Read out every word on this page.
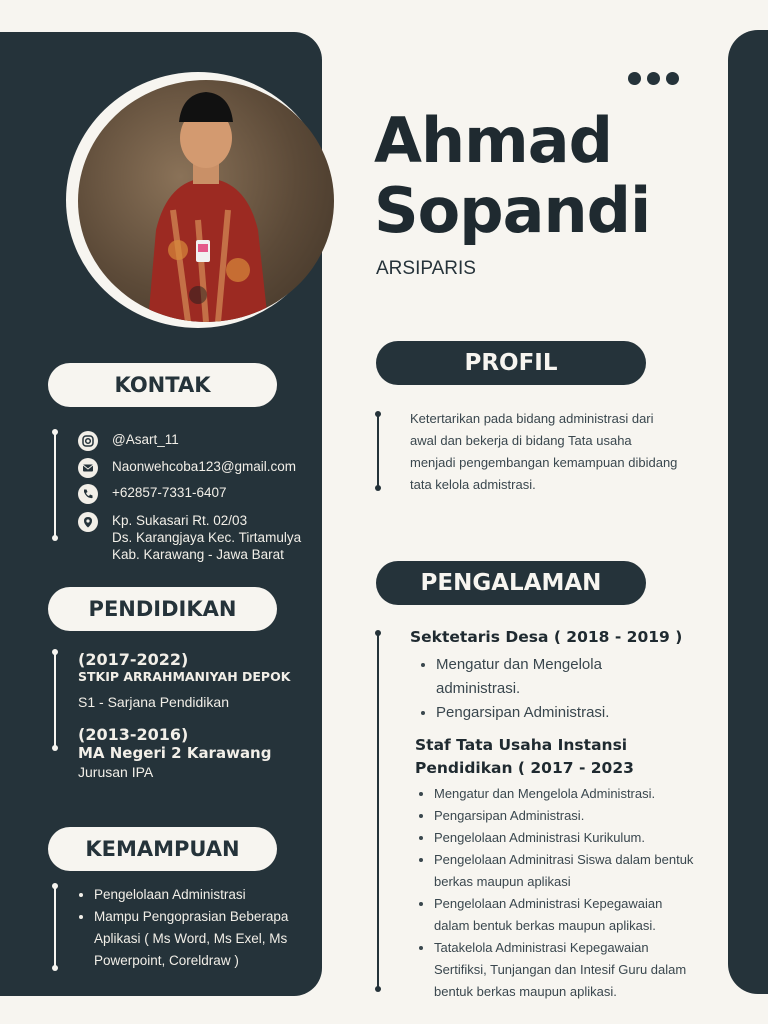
Ahmad
Sopandi
ARSIPARIS
KONTAK
@Asart_11
Naonwehcoba123@gmail.com
+62857-7331-6407
Kp. Sukasari Rt. 02/03
Ds. Karangjaya Kec. Tirtamulya
Kab. Karawang - Jawa Barat
PENDIDIKAN
(2017-2022)
STKIP ARRAHMANIYAH DEPOK
S1 - Sarjana Pendidikan
(2013-2016)
MA Negeri 2 Karawang
Jurusan IPA
KEMAMPUAN
• Pengelolaan Administrasi
• Mampu Pengoprasian Beberapa Aplikasi ( Ms Word, Ms Exel, Ms Powerpoint, Coreldraw )
PROFIL
Ketertarikan pada bidang administrasi dari awal dan bekerja di bidang Tata usaha menjadi pengembangan kemampuan dibidang tata kelola admistrasi.
PENGALAMAN
Sektetaris Desa ( 2018 - 2019 )
• Mengatur dan Mengelola administrasi.
• Pengarsipan Administrasi.
Staf Tata Usaha Instansi Pendidikan ( 2017 - 2023
• Mengatur dan Mengelola Administrasi.
• Pengarsipan Administrasi.
• Pengelolaan Administrasi Kurikulum.
• Pengelolaan Adminitrasi Siswa dalam bentuk berkas maupun aplikasi
• Pengelolaan Administrasi Kepegawaian dalam bentuk berkas maupun aplikasi.
• Tatakelola Administrasi Kepegawaian Sertifiksi, Tunjangan dan Intesif Guru dalam bentuk berkas maupun aplikasi.
